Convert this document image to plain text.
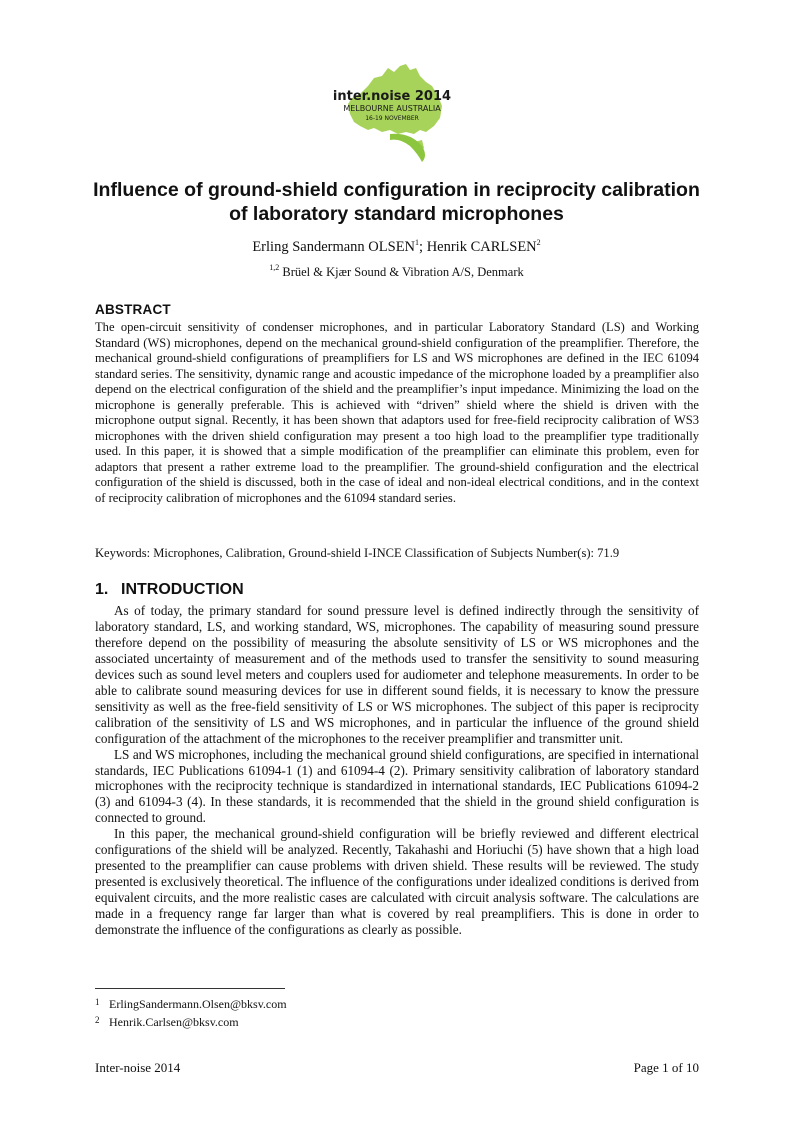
inter.noise 2014
MELBOURNE AUSTRALIA
16-19 NOVEMBER
Influence of ground-shield configuration in reciprocity calibration of laboratory standard microphones
Erling Sandermann OLSEN$^1$; Henrik CARLSEN$^2$
$^{1,2}$ Brüel & Kjær Sound & Vibration A/S, Denmark
ABSTRACT

The open-circuit sensitivity of condenser microphones, and in particular Laboratory Standard (LS) and Working Standard (WS) microphones, depend on the mechanical ground-shield configuration of the preamplifier. Therefore, the mechanical ground-shield configurations of preamplifiers for LS and WS microphones are defined in the IEC 61094 standard series. The sensitivity, dynamic range and acoustic impedance of the microphone loaded by a preamplifier also depend on the electrical configuration of the shield and the preamplifier’s input impedance. Minimizing the load on the microphone is generally preferable. This is achieved with “driven” shield where the shield is driven with the microphone output signal. Recently, it has been shown that adaptors used for free-field reciprocity calibration of WS3 microphones with the driven shield configuration may present a too high load to the preamplifier type traditionally used. In this paper, it is showed that a simple modification of the preamplifier can eliminate this problem, even for adaptors that present a rather extreme load to the preamplifier. The ground-shield configuration and the electrical configuration of the shield is discussed, both in the case of ideal and non-ideal electrical conditions, and in the context of reciprocity calibration of microphones and the 61094 standard series.

Keywords: Microphones, Calibration, Ground-shield I-INCE Classification of Subjects Number(s): 71.9
1. INTRODUCTION

As of today, the primary standard for sound pressure level is defined indirectly through the sensitivity of laboratory standard, LS, and working standard, WS, microphones. The capability of measuring sound pressure therefore depend on the possibility of measuring the absolute sensitivity of LS or WS microphones and the associated uncertainty of measurement and of the methods used to transfer the sensitivity to sound measuring devices such as sound level meters and couplers used for audiometer and telephone measurements. In order to be able to calibrate sound measuring devices for use in different sound fields, it is necessary to know the pressure sensitivity as well as the free-field sensitivity of LS or WS microphones. The subject of this paper is reciprocity calibration of the sensitivity of LS and WS microphones, and in particular the influence of the ground shield configuration of the attachment of the microphones to the receiver preamplifier and transmitter unit.

LS and WS microphones, including the mechanical ground shield configurations, are specified in international standards, IEC Publications 61094-1 (1) and 61094-4 (2). Primary sensitivity calibration of laboratory standard microphones with the reciprocity technique is standardized in international standards, IEC Publications 61094-2 (3) and 61094-3 (4). In these standards, it is recommended that the shield in the ground shield configuration is connected to ground.

In this paper, the mechanical ground-shield configuration will be briefly reviewed and different electrical configurations of the shield will be analyzed. Recently, Takahashi and Horiuchi (5) have shown that a high load presented to the preamplifier can cause problems with driven shield. These results will be reviewed. The study presented is exclusively theoretical. The influence of the configurations under idealized conditions is derived from equivalent circuits, and the more realistic cases are calculated with circuit analysis software. The calculations are made in a frequency range far larger than what is covered by real preamplifiers. This is done in order to demonstrate the influence of the configurations as clearly as possible.

1 ErlingSandermann.Olsen@bksv.com
2 Henrik.Carlsen@bksv.com
Inter-noise 2014	Page 1 of 10
